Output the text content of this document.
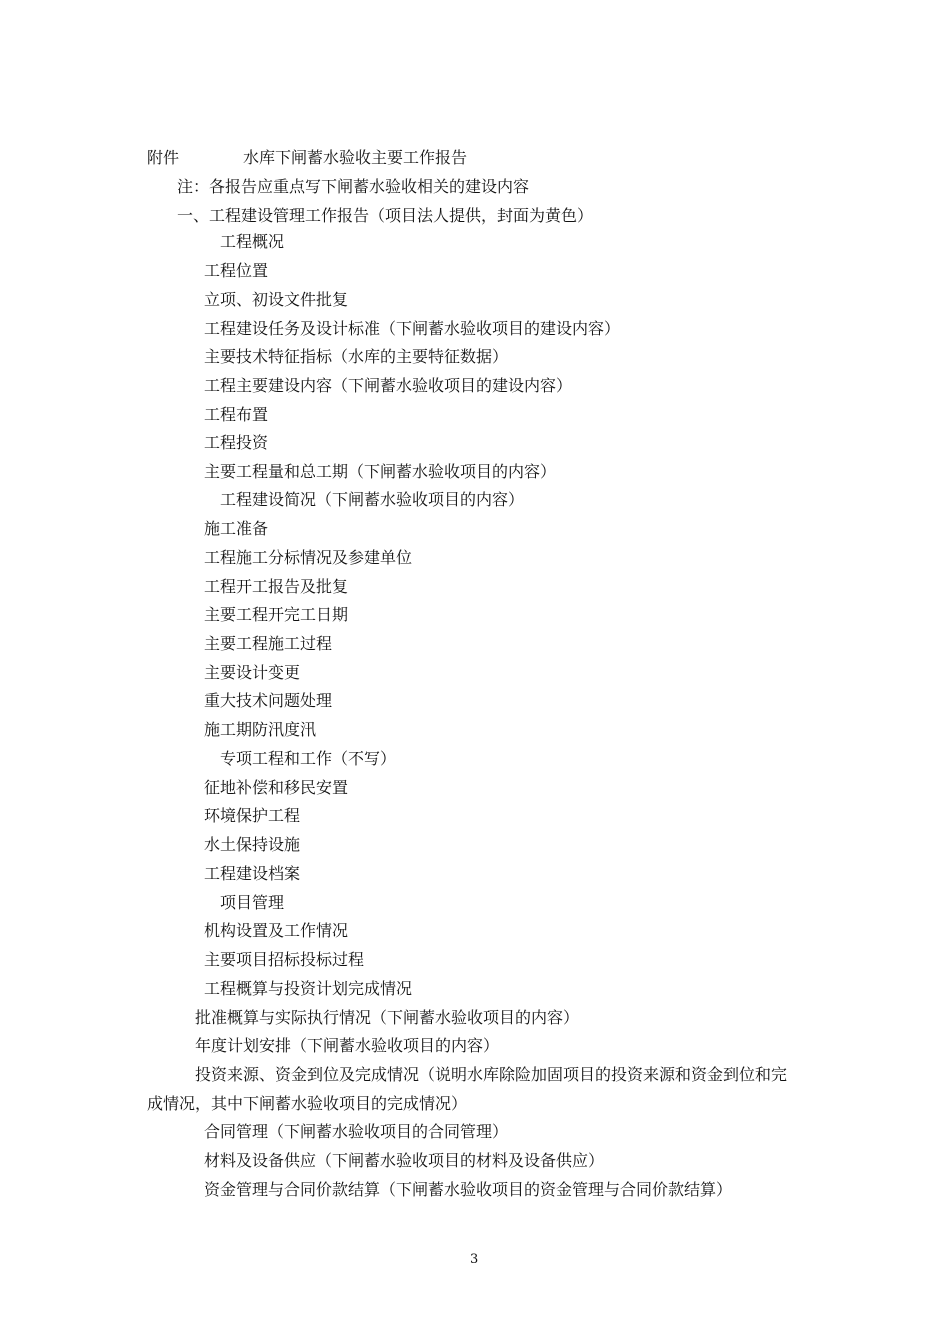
附件	水库下闸蓄水验收主要工作报告
注：各报告应重点写下闸蓄水验收相关的建设内容
一、工程建设管理工作报告（项目法人提供，封面为黄色）
工程概况
工程位置
立项、初设文件批复
工程建设任务及设计标准（下闸蓄水验收项目的建设内容）
主要技术特征指标（水库的主要特征数据）
工程主要建设内容（下闸蓄水验收项目的建设内容）
工程布置
工程投资
主要工程量和总工期（下闸蓄水验收项目的内容）
工程建设简况（下闸蓄水验收项目的内容）
施工准备
工程施工分标情况及参建单位
工程开工报告及批复
主要工程开完工日期
主要工程施工过程
主要设计变更
重大技术问题处理
施工期防汛度汛
专项工程和工作（不写）
征地补偿和移民安置
环境保护工程
水土保持设施
工程建设档案
项目管理
机构设置及工作情况
主要项目招标投标过程
工程概算与投资计划完成情况
批准概算与实际执行情况（下闸蓄水验收项目的内容）
年度计划安排（下闸蓄水验收项目的内容）
投资来源、资金到位及完成情况（说明水库除险加固项目的投资来源和资金到位和完
成情况，其中下闸蓄水验收项目的完成情况）
合同管理（下闸蓄水验收项目的合同管理）
材料及设备供应（下闸蓄水验收项目的材料及设备供应）
资金管理与合同价款结算（下闸蓄水验收项目的资金管理与合同价款结算）
3
